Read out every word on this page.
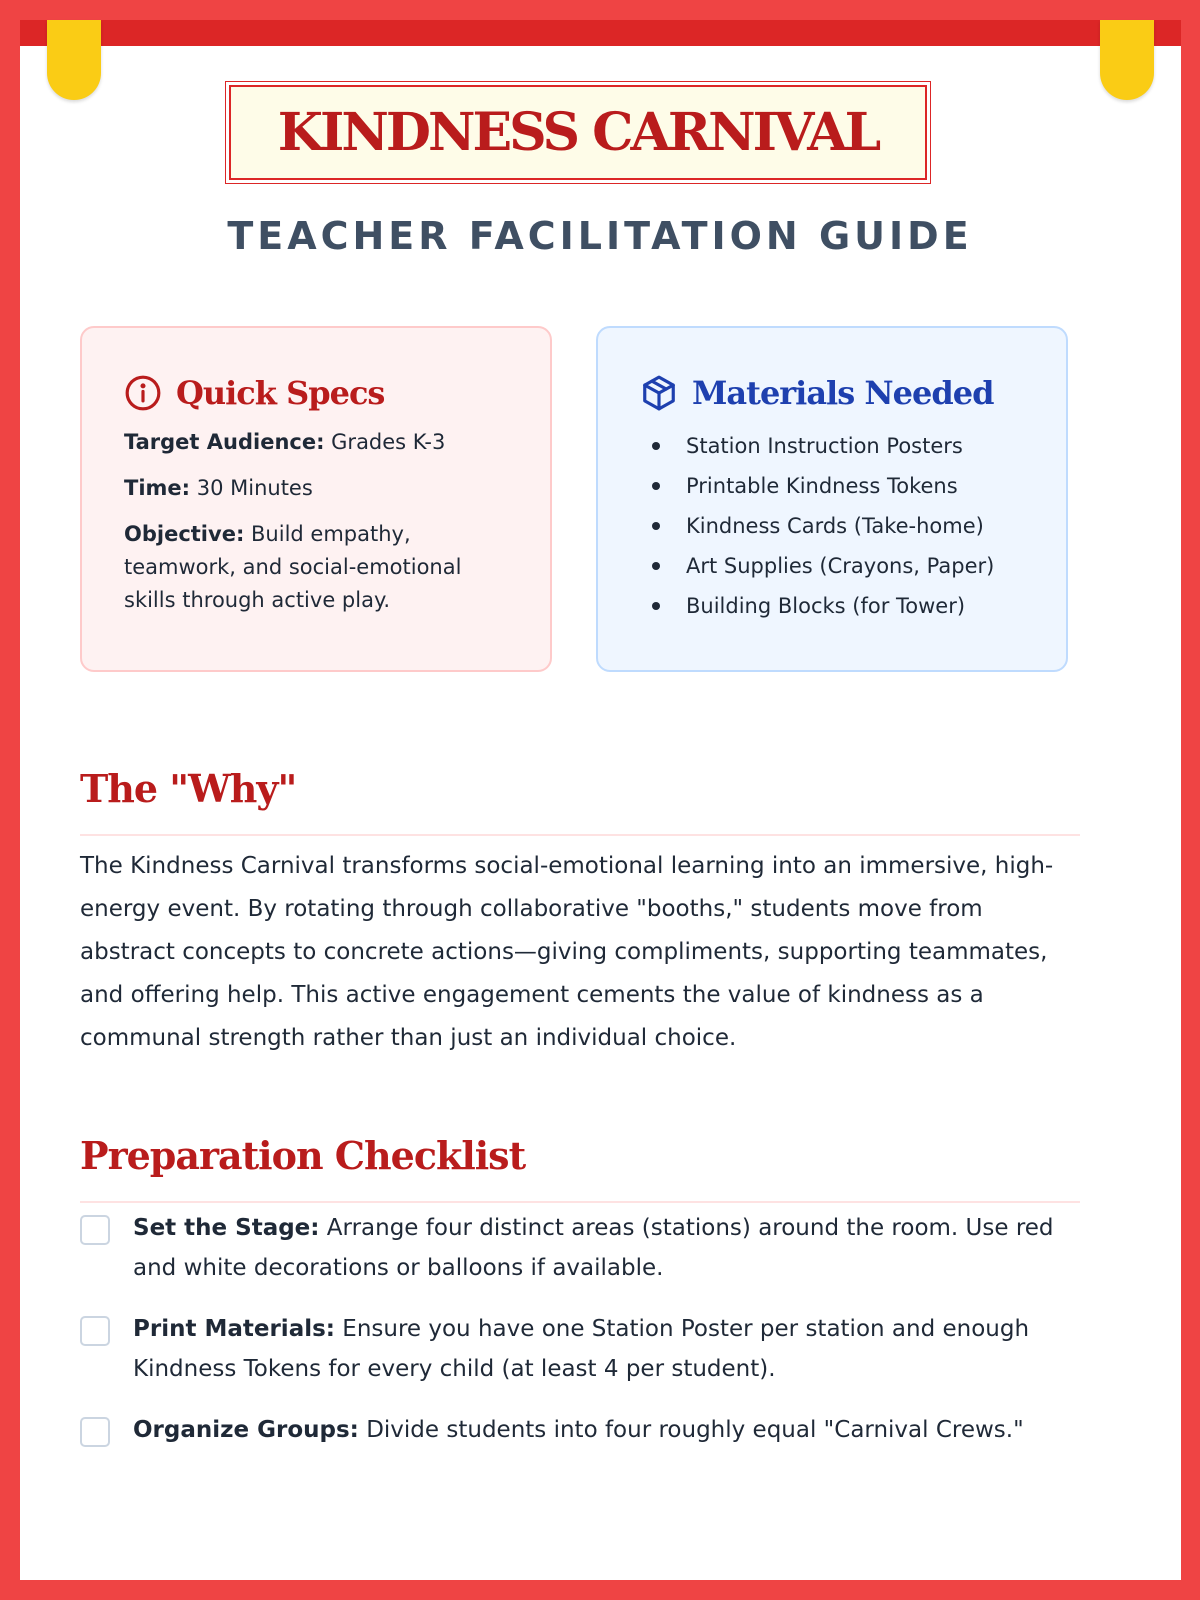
KINDNESS CARNIVAL
TEACHER FACILITATION GUIDE
Quick Specs
Target Audience: Grades K-3
Time: 30 Minutes
Objective: Build empathy, teamwork, and social-emotional skills through active play.
Materials Needed
Station Instruction Posters
Printable Kindness Tokens
Kindness Cards (Take-home)
Art Supplies (Crayons, Paper)
Building Blocks (for Tower)
The "Why"
The Kindness Carnival transforms social-emotional learning into an immersive, high-energy event. By rotating through collaborative "booths," students move from abstract concepts to concrete actions—giving compliments, supporting teammates, and offering help. This active engagement cements the value of kindness as a communal strength rather than just an individual choice.
Preparation Checklist
Set the Stage: Arrange four distinct areas (stations) around the room. Use red and white decorations or balloons if available.
Print Materials: Ensure you have one Station Poster per station and enough Kindness Tokens for every child (at least 4 per student).
Organize Groups: Divide students into four roughly equal "Carnival Crews."
